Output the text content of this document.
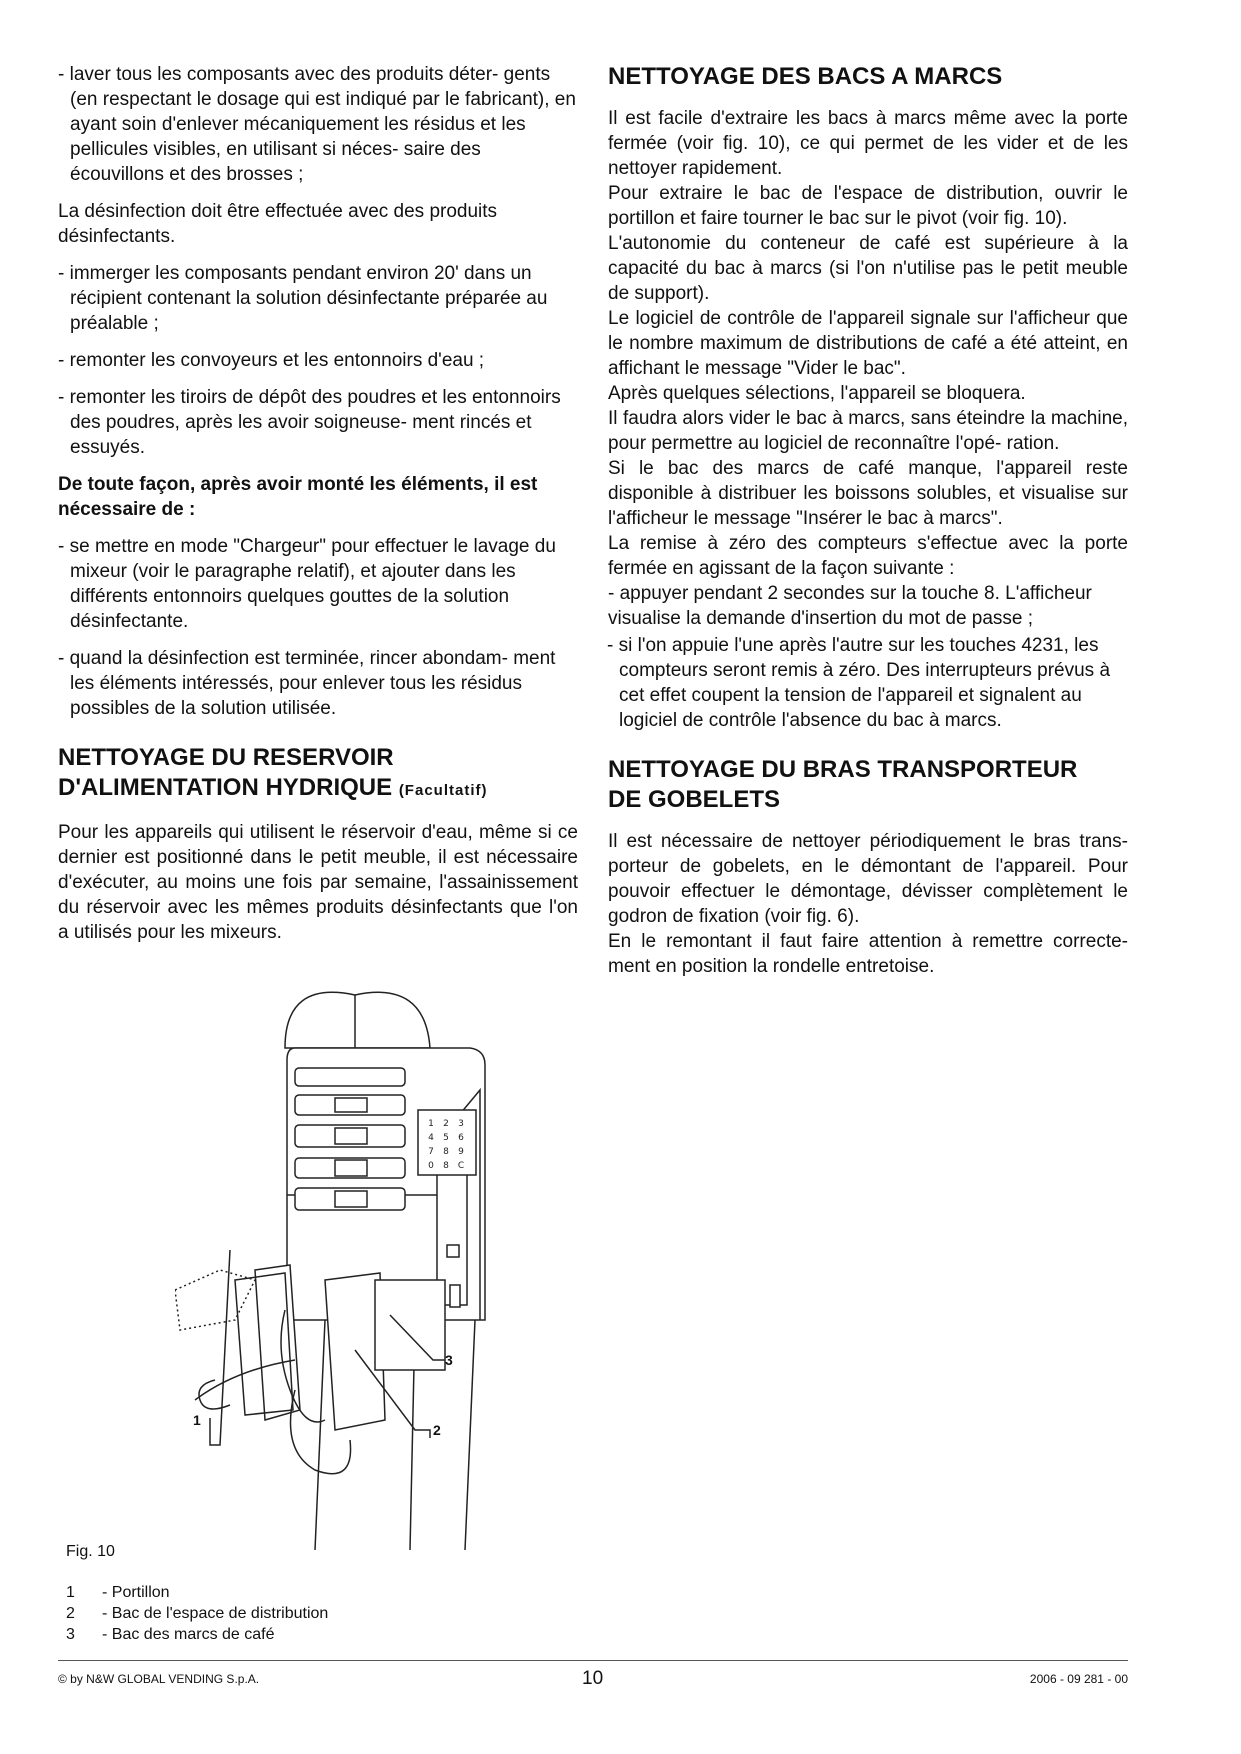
- laver tous les composants avec des produits déter- gents (en respectant le dosage qui est indiqué par le fabricant), en ayant soin d'enlever mécaniquement les résidus et les pellicules visibles, en utilisant si néces- saire des écouvillons et des brosses ;

La désinfection doit être effectuée avec des produits désinfectants.

- immerger les composants pendant environ 20' dans un récipient contenant la solution désinfectante préparée au préalable ;

- remonter les convoyeurs et les entonnoirs d'eau ;

- remonter les tiroirs de dépôt des poudres et les entonnoirs des poudres, après les avoir soigneuse- ment rincés et essuyés.

De toute façon, après avoir monté les éléments, il est nécessaire de :

- se mettre en mode "Chargeur" pour effectuer le lavage du mixeur (voir le paragraphe relatif), et ajouter dans les différents entonnoirs quelques gouttes de la solution désinfectante.

- quand la désinfection est terminée, rincer abondam- ment les éléments intéressés, pour enlever tous les résidus possibles de la solution utilisée.

NETTOYAGE DU RESERVOIR
D'ALIMENTATION HYDRIQUE (Facultatif)

Pour les appareils qui utilisent le réservoir d'eau, même si ce dernier est positionné dans le petit meuble, il est nécessaire d'exécuter, au moins une fois par semaine, l'assainissement du réservoir avec les mêmes produits désinfectants que l'on a utilisés pour les mixeurs.

NETTOYAGE DES BACS A MARCS

Il est facile d'extraire les bacs à marcs même avec la porte fermée (voir fig. 10), ce qui permet de les vider et de les nettoyer rapidement.

Pour extraire le bac de l'espace de distribution, ouvrir le portillon et faire tourner le bac sur le pivot (voir fig. 10).

L'autonomie du conteneur de café est supérieure à la capacité du bac à marcs (si l'on n'utilise pas le petit meuble de support).

Le logiciel de contrôle de l'appareil signale sur l'afficheur que le nombre maximum de distributions de café a été atteint, en affichant le message "Vider le bac".

Après quelques sélections, l'appareil se bloquera.

Il faudra alors vider le bac à marcs, sans éteindre la machine, pour permettre au logiciel de reconnaître l'opé- ration.

Si le bac des marcs de café manque, l'appareil reste disponible à distribuer les boissons solubles, et visualise sur l'afficheur le message "Insérer le bac à marcs".

La remise à zéro des compteurs s'effectue avec la porte fermée en agissant de la façon suivante :

- appuyer pendant 2 secondes sur la touche 8. L'afficheur visualise la demande d'insertion du mot de passe ;

- si l'on appuie l'une après l'autre sur les touches 4231, les compteurs seront remis à zéro. Des interrupteurs prévus à cet effet coupent la tension de l'appareil et signalent au logiciel de contrôle l'absence du bac à marcs.

NETTOYAGE DU BRAS TRANSPORTEUR
DE GOBELETS

Il est nécessaire de nettoyer périodiquement le bras trans- porteur de gobelets, en le démontant de l'appareil. Pour pouvoir effectuer le démontage, dévisser complètement le godron de fixation (voir fig. 6).

En le remontant il faut faire attention à remettre correcte- ment en position la rondelle entretoise.

1 2 3
4 5 6
7 8 9
0 8 C
1
2
3
Fig. 10
1 - Portillon
2 - Bac de l'espace de distribution
3 - Bac des marcs de café
© by N&W GLOBAL VENDING S.p.A.	10	2006 - 09 281 - 00
